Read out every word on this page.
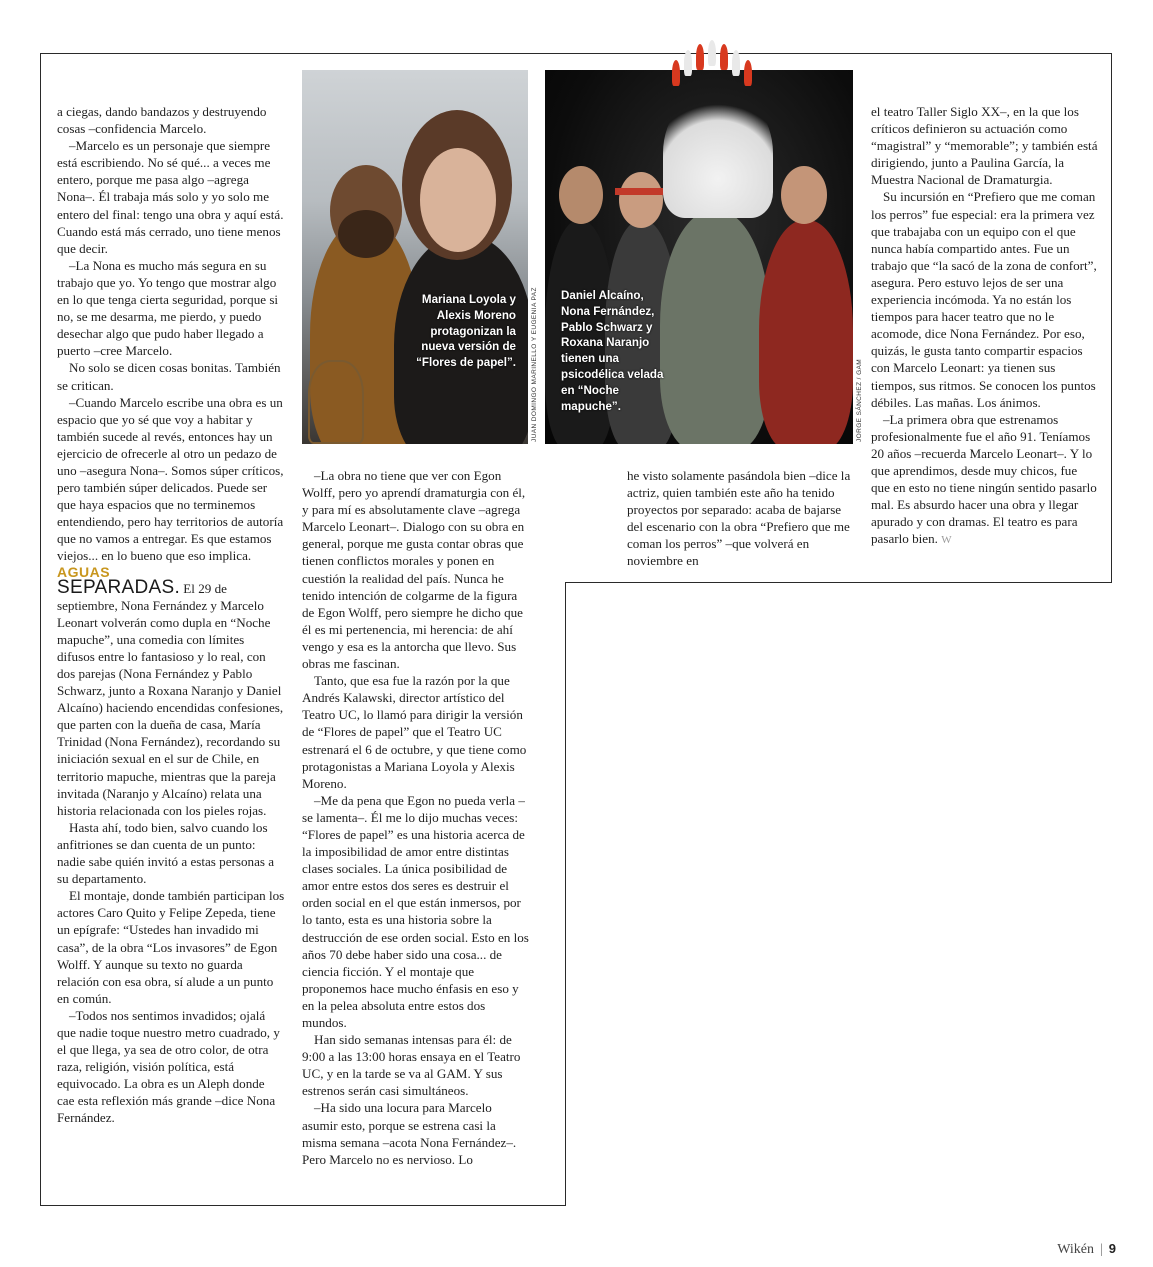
a ciegas, dando bandazos y destruyendo cosas –confidencia Marcelo.

–Marcelo es un personaje que siempre está escribiendo. No sé qué... a veces me entero, porque me pasa algo –agrega Nona–. Él trabaja más solo y yo solo me entero del final: tengo una obra y aquí está. Cuando está más cerrado, uno tiene menos que decir.

–La Nona es mucho más segura en su trabajo que yo. Yo tengo que mostrar algo en lo que tenga cierta seguridad, porque si no, se me desarma, me pierdo, y puedo desechar algo que pudo haber llegado a puerto –cree Marcelo.

No solo se dicen cosas bonitas. También se critican.

–Cuando Marcelo escribe una obra es un espacio que yo sé que voy a habitar y también sucede al revés, entonces hay un ejercicio de ofrecerle al otro un pedazo de uno –asegura Nona–. Somos súper críticos, pero también súper delicados. Puede ser que haya espacios que no terminemos entendiendo, pero hay territorios de autoría que no vamos a entregar. Es que estamos viejos... en lo bueno que eso implica.

AGUAS
SEPARADAS. El 29 de septiembre, Nona Fernández y Marcelo Leonart volverán como dupla en “Noche mapuche”, una comedia con límites difusos entre lo fantasioso y lo real, con dos parejas (Nona Fernández y Pablo Schwarz, junto a Roxana Naranjo y Daniel Alcaíno) haciendo encendidas confesiones, que parten con la dueña de casa, María Trinidad (Nona Fernández), recordando su iniciación sexual en el sur de Chile, en territorio mapuche, mientras que la pareja invitada (Naranjo y Alcaíno) relata una historia relacionada con los pieles rojas.

Hasta ahí, todo bien, salvo cuando los anfitriones se dan cuenta de un punto: nadie sabe quién invitó a estas personas a su departamento.

El montaje, donde también participan los actores Caro Quito y Felipe Zepeda, tiene un epígrafe: “Ustedes han invadido mi casa”, de la obra “Los invasores” de Egon Wolff. Y aunque su texto no guarda relación con esa obra, sí alude a un punto en común.

–Todos nos sentimos invadidos; ojalá que nadie toque nuestro metro cuadrado, y el que llega, ya sea de otro color, de otra raza, religión, visión política, está equivocado. La obra es un Aleph donde cae esta reflexión más grande –dice Nona Fernández.

Mariana Loyola y Alexis Moreno protagonizan la nueva versión de “Flores de papel”. JUAN DOMINGO MARINELLO Y EUGENIA PAZ Daniel Alcaíno, Nona Fernández, Pablo Schwarz y Roxana Naranjo tienen una psicodélica velada en “Noche mapuche”.	JORGE SÁNCHEZ / GAM

–La obra no tiene que ver con Egon Wolff, pero yo aprendí dramaturgia con él, y para mí es absolutamente clave –agrega Marcelo Leonart–. Dialogo con su obra en general, porque me gusta contar obras que tienen conflictos morales y ponen en cuestión la realidad del país. Nunca he tenido intención de colgarme de la figura de Egon Wolff, pero siempre he dicho que él es mi pertenencia, mi herencia: de ahí vengo y esa es la antorcha que llevo. Sus obras me fascinan.

Tanto, que esa fue la razón por la que Andrés Kalawski, director artístico del Teatro UC, lo llamó para dirigir la versión de “Flores de papel” que el Teatro UC estrenará el 6 de octubre, y que tiene como protagonistas a Mariana Loyola y Alexis Moreno.

–Me da pena que Egon no pueda verla –se lamenta–. Él me lo dijo muchas veces: “Flores de papel” es una historia acerca de la imposibilidad de amor entre distintas clases sociales. La única posibilidad de amor entre estos dos seres es destruir el orden social en el que están inmersos, por lo tanto, esta es una historia sobre la destrucción de ese orden social. Esto en los años 70 debe haber sido una cosa... de ciencia ficción. Y el montaje que proponemos hace mucho énfasis en eso y en la pelea absoluta entre estos dos mundos.

Han sido semanas intensas para él: de 9:00 a las 13:00 horas ensaya en el Teatro UC, y en la tarde se va al GAM. Y sus estrenos serán casi simultáneos.

–Ha sido una locura para Marcelo asumir esto, porque se estrena casi la misma semana –acota Nona Fernández–. Pero Marcelo no es nervioso. Lo

he visto solamente pasándola bien –dice la actriz, quien también este año ha tenido proyectos por separado: acaba de bajarse del escenario con la obra “Prefiero que me coman los perros” –que volverá en noviembre en

el teatro Taller Siglo XX–, en la que los críticos definieron su actuación como “magistral” y “memorable”; y también está dirigiendo, junto a Paulina García, la Muestra Nacional de Dramaturgia.

Su incursión en “Prefiero que me coman los perros” fue especial: era la primera vez que trabajaba con un equipo con el que nunca había compartido antes. Fue un trabajo que “la sacó de la zona de confort”, asegura. Pero estuvo lejos de ser una experiencia incómoda. Ya no están los tiempos para hacer teatro que no le acomode, dice Nona Fernández. Por eso, quizás, le gusta tanto compartir espacios con Marcelo Leonart: ya tienen sus tiempos, sus ritmos. Se conocen los puntos débiles. Las mañas. Los ánimos.

–La primera obra que estrenamos profesionalmente fue el año 91. Teníamos 20 años –recuerda Marcelo Leonart–. Y lo que aprendimos, desde muy chicos, fue que en esto no tiene ningún sentido pasarlo mal. Es absurdo hacer una obra y llegar apurado y con dramas. El teatro es para pasarlo bien. W

Wikén | 9
